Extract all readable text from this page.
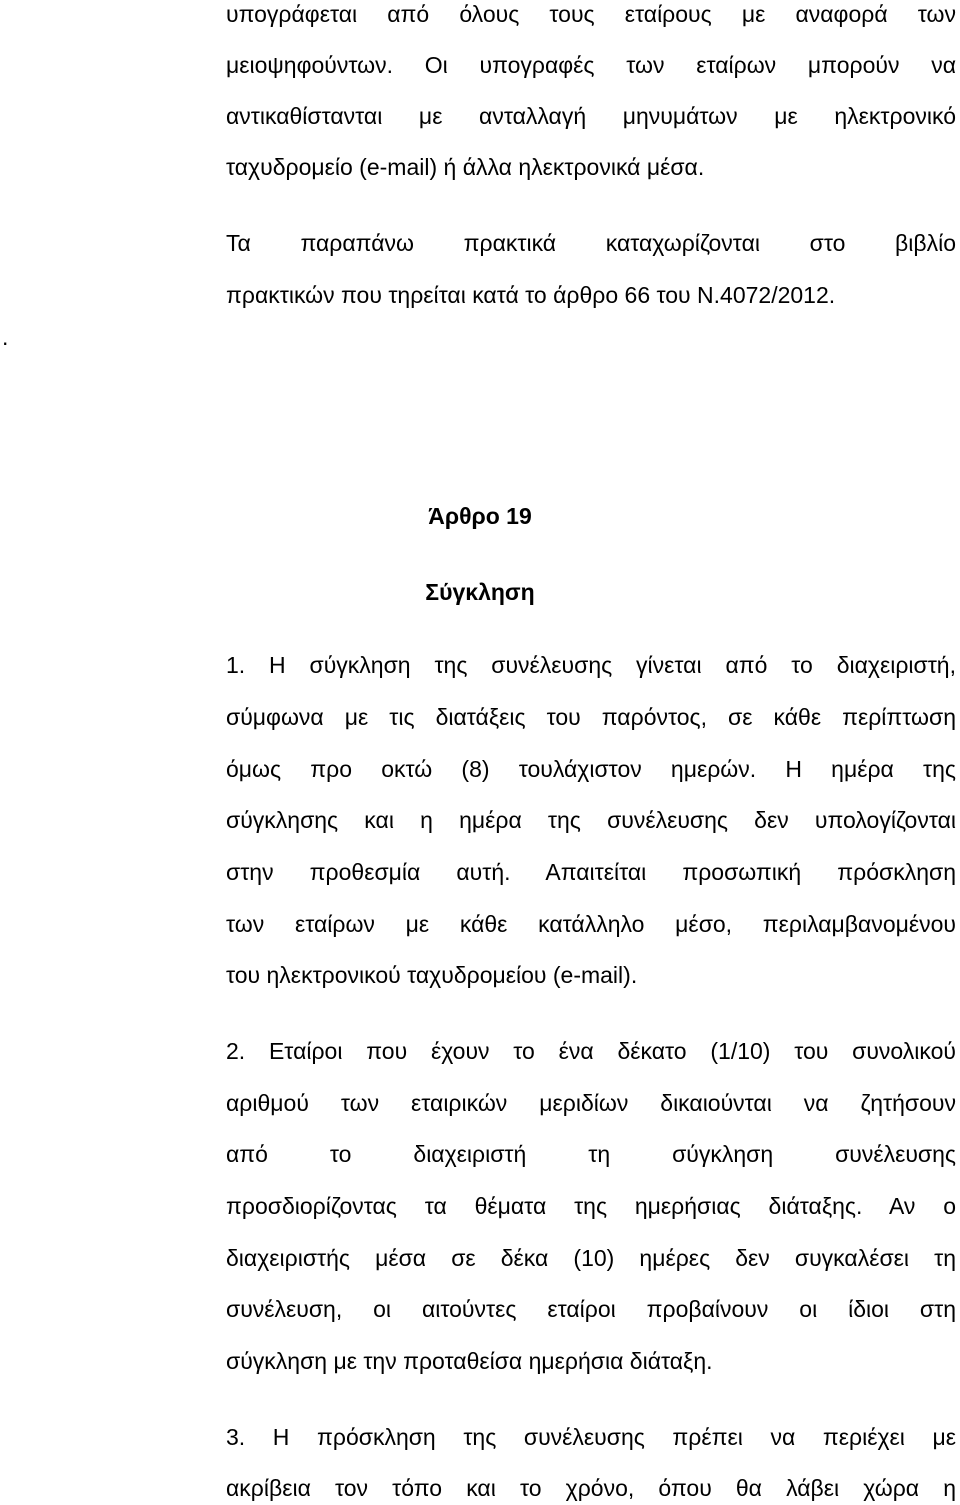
υπογράφεται από όλους τους εταίρους με αναφορά των
μειοψηφούντων. Οι υπογραφές των εταίρων μπορούν να
αντικαθίστανται με ανταλλαγή μηνυμάτων με ηλεκτρονικό
ταχυδρομείο (e-mail) ή άλλα ηλεκτρονικά μέσα.
Τα παραπάνω πρακτικά καταχωρίζονται στο βιβλίο
πρακτικών που τηρείται κατά το άρθρο 66 του Ν.4072/2012.
.
Άρθρο 19
Σύγκληση
1. Η σύγκληση της συνέλευσης γίνεται από το διαχειριστή,
σύμφωνα με τις διατάξεις του παρόντος, σε κάθε περίπτωση
όμως προ οκτώ (8) τουλάχιστον ημερών. Η ημέρα της
σύγκλησης και η ημέρα της συνέλευσης δεν υπολογίζονται
στην προθεσμία αυτή. Απαιτείται προσωπική πρόσκληση
των εταίρων με κάθε κατάλληλο μέσο, περιλαμβανομένου
του ηλεκτρονικού ταχυδρομείου (e-mail).
2. Εταίροι που έχουν το ένα δέκατο (1/10) του συνολικού
αριθμού των εταιρικών μεριδίων δικαιούνται να ζητήσουν
από το διαχειριστή τη σύγκληση συνέλευσης
προσδιορίζοντας τα θέματα της ημερήσιας διάταξης. Αν ο
διαχειριστής μέσα σε δέκα (10) ημέρες δεν συγκαλέσει τη
συνέλευση, οι αιτούντες εταίροι προβαίνουν οι ίδιοι στη
σύγκληση με την προταθείσα ημερήσια διάταξη.
3. Η πρόσκληση της συνέλευσης πρέπει να περιέχει με
ακρίβεια τον τόπο και το χρόνο, όπου θα λάβει χώρα η
